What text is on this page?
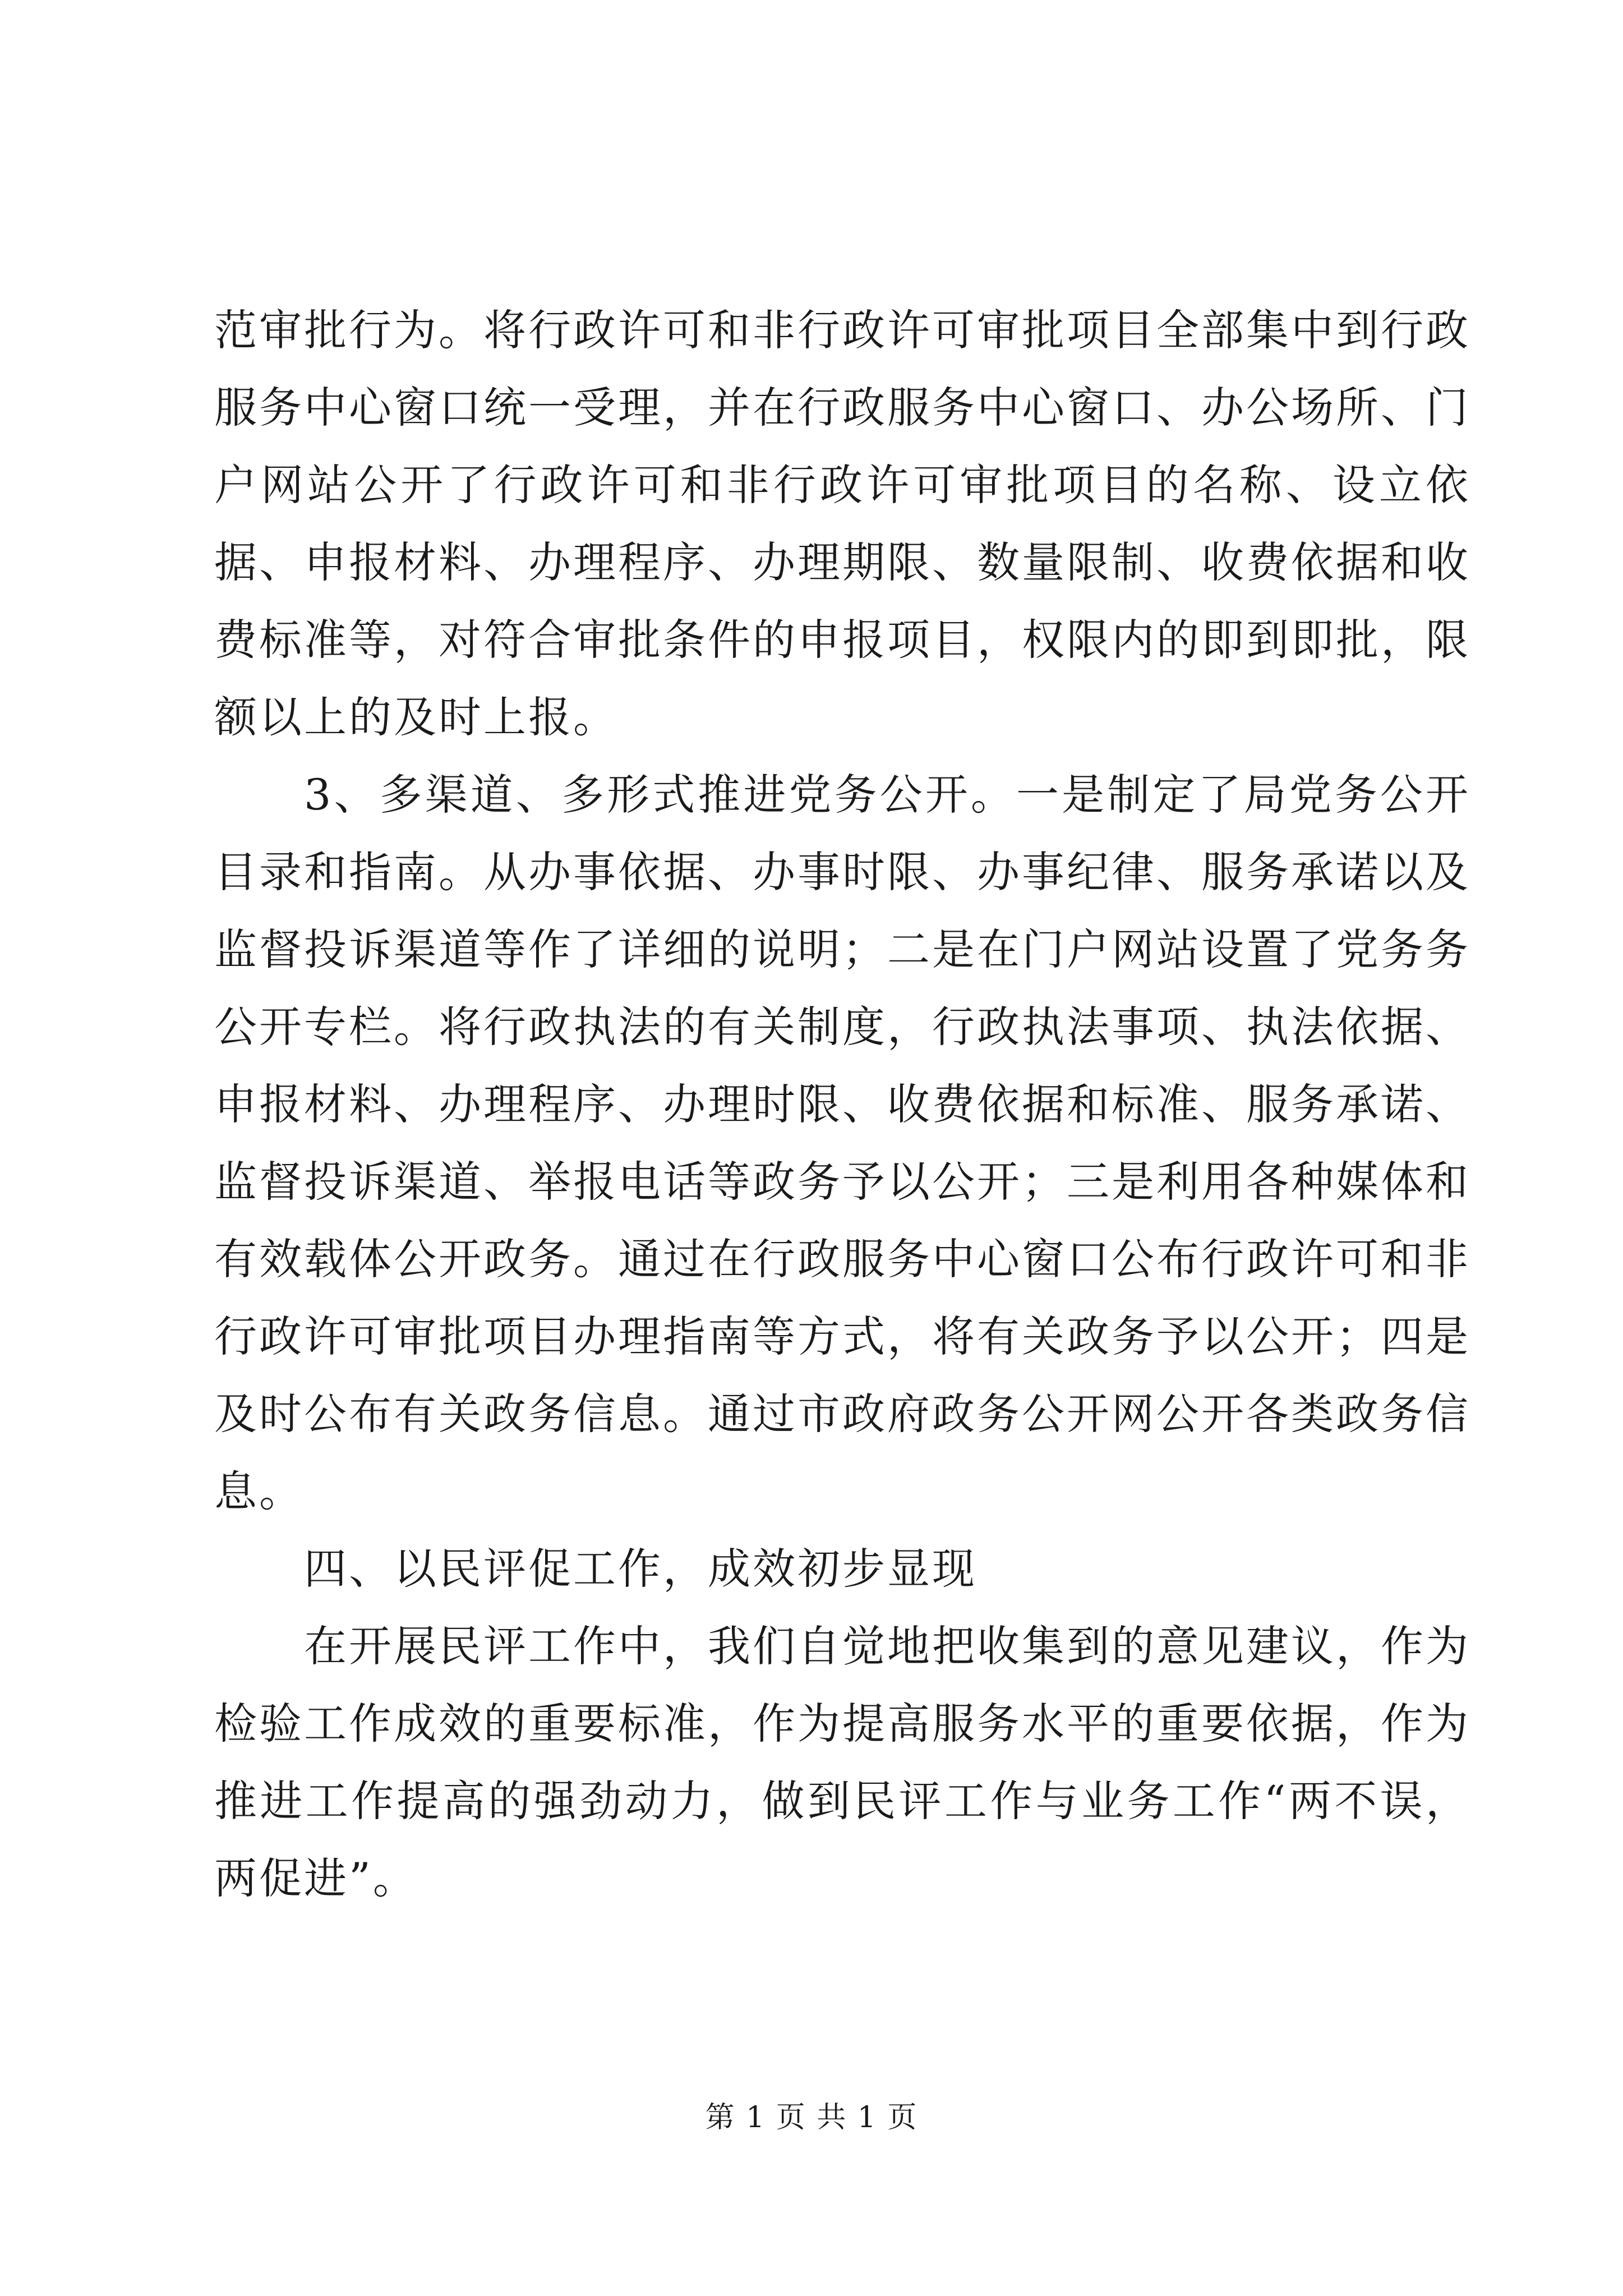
范审批行为。将行政许可和非行政许可审批项目全部集中到行政服务中心窗口统一受理，并在行政服务中心窗口、办公场所、门户网站公开了行政许可和非行政许可审批项目的名称、设立依据、申报材料、办理程序、办理期限、数量限制、收费依据和收费标准等，对符合审批条件的申报项目，权限内的即到即批，限额以上的及时上报。

3、多渠道、多形式推进党务公开。一是制定了局党务公开目录和指南。从办事依据、办事时限、办事纪律、服务承诺以及监督投诉渠道等作了详细的说明；二是在门户网站设置了党务务公开专栏。将行政执法的有关制度，行政执法事项、执法依据、申报材料、办理程序、办理时限、收费依据和标准、服务承诺、监督投诉渠道、举报电话等政务予以公开；三是利用各种媒体和有效载体公开政务。通过在行政服务中心窗口公布行政许可和非行政许可审批项目办理指南等方式，将有关政务予以公开；四是及时公布有关政务信息。通过市政府政务公开网公开各类政务信息。

四、以民评促工作，成效初步显现

在开展民评工作中，我们自觉地把收集到的意见建议，作为检验工作成效的重要标准，作为提高服务水平的重要依据，作为推进工作提高的强劲动力，做到民评工作与业务工作“两不误，两促进”。

第 1 页 共 1 页
